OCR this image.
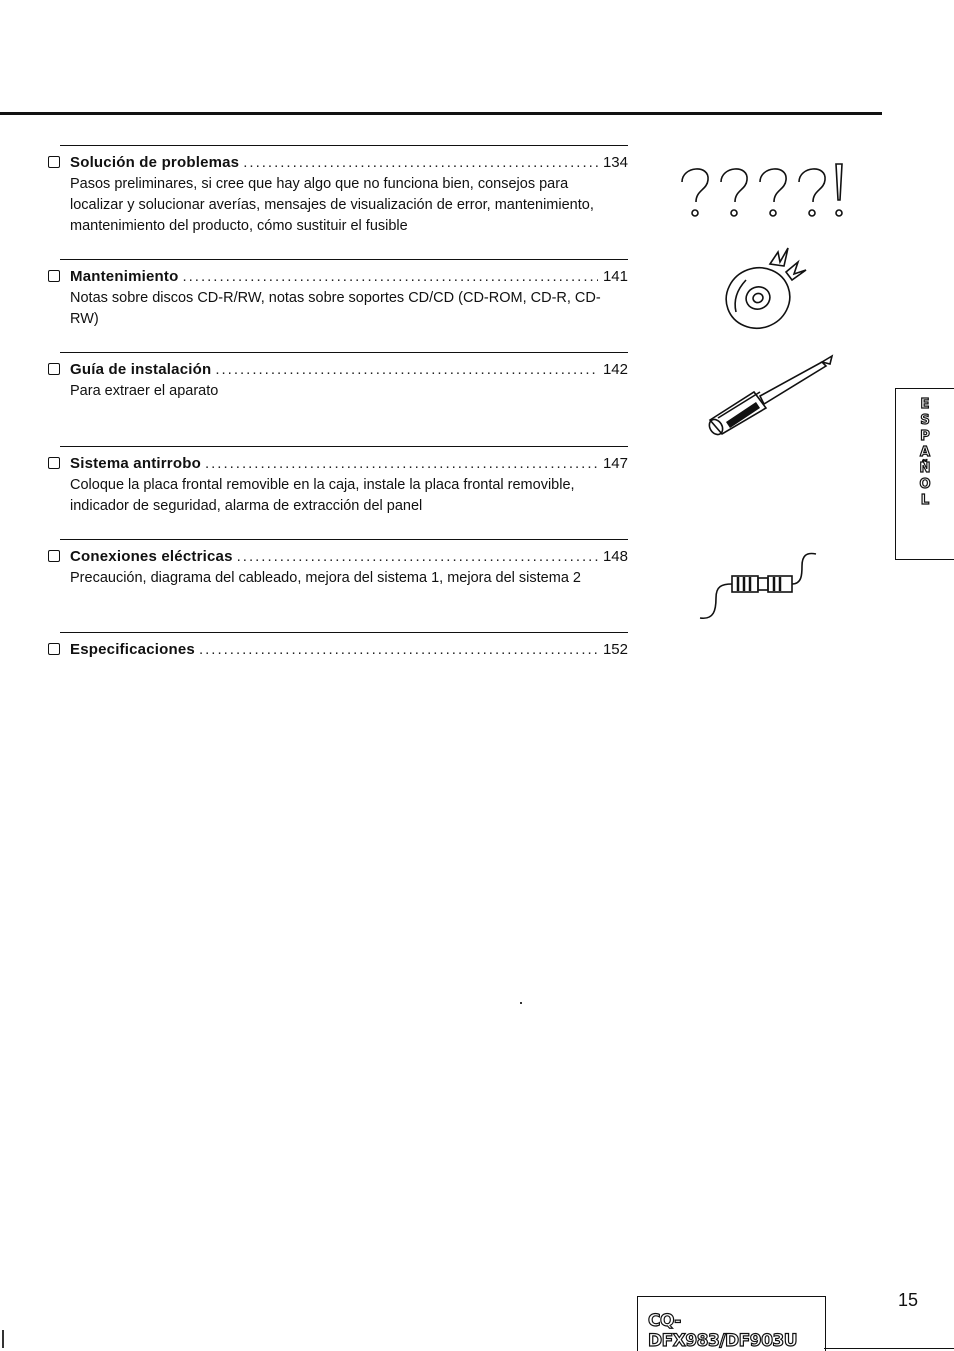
Solución de problemas .....	134
Pasos preliminares, si cree que hay algo que no funciona bien, consejos para localizar y solucionar averías, mensajes de visualización de error, mantenimiento, mantenimiento del producto, cómo sustituir el fusible
Mantenimiento .....	141
Notas sobre discos CD-R/RW, notas sobre soportes CD/CD (CD-ROM, CD-R, CD-RW)
Guía de instalación .....	142
Para extraer el aparato
Sistema antirrobo .....	147
Coloque la placa frontal removible en la caja, instale la placa frontal removible, indicador de seguridad, alarma de extracción del panel
Conexiones eléctricas .....	148
Precaución, diagrama del cableado, mejora del sistema 1, mejora del sistema 2
Especificaciones .....	152
E
S
P
A
Ñ
O
L
CQ-DFX983/DF903U
15
